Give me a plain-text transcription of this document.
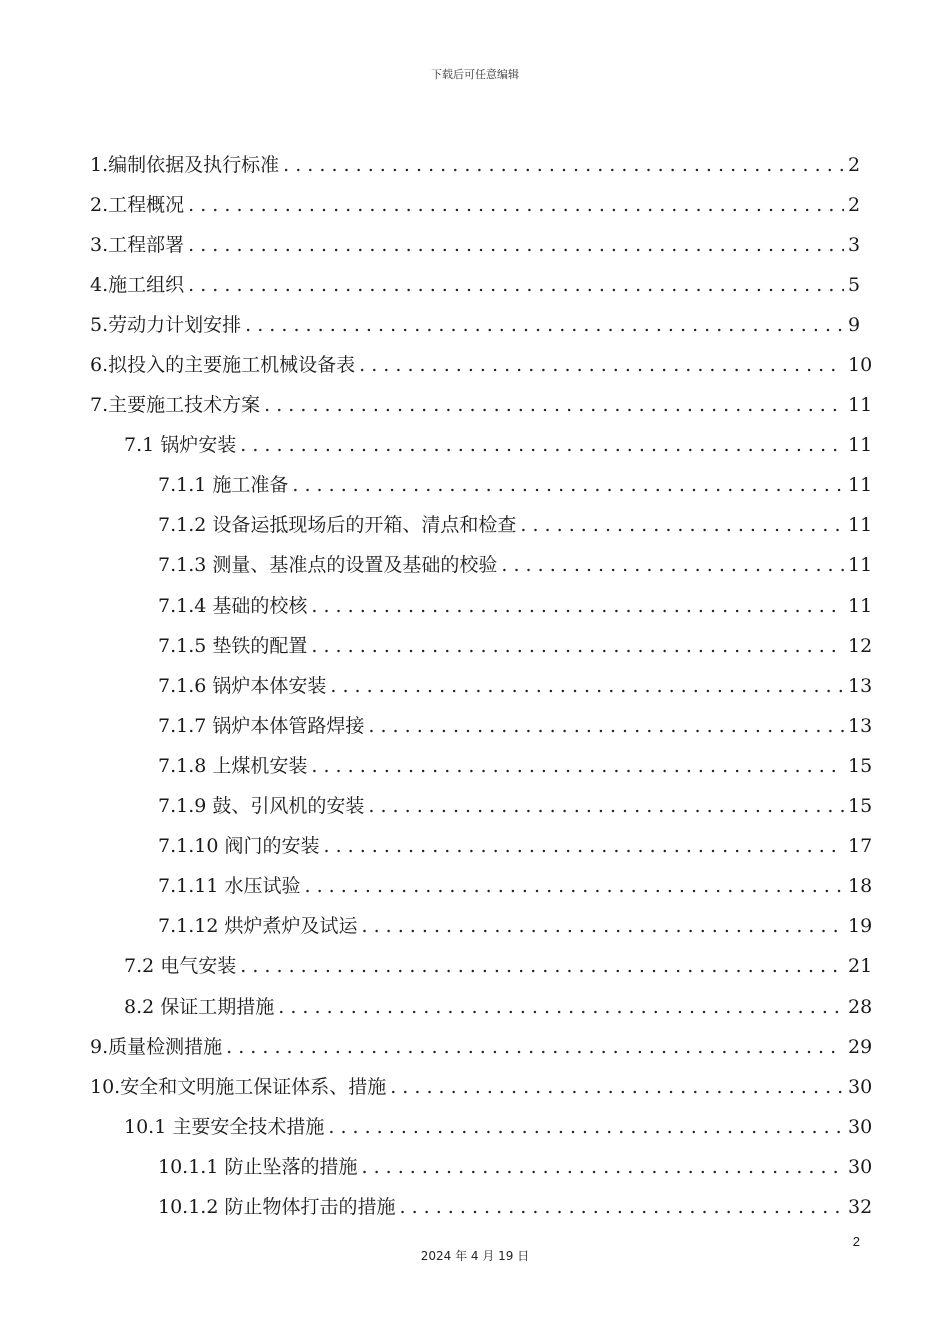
下载后可任意编辑
1.编制依据及执行标准 . . .	2
2.工程概况 . . .	2
3.工程部署 . . .	3
4.施工组织 . . .	5
5.劳动力计划安排 . . .	9
6.拟投入的主要施工机械设备表 . . .	10
7.主要施工技术方案 . . .	11
7.1 锅炉安装 . . .	11
7.1.1 施工准备 . . .	11
7.1.2 设备运抵现场后的开箱、清点和检查 . . .	11
7.1.3 测量、基准点的设置及基础的校验 . . .	11
7.1.4 基础的校核 . . .	11
7.1.5 垫铁的配置 . . .	12
7.1.6 锅炉本体安装 . . .	13
7.1.7 锅炉本体管路焊接 . . .	13
7.1.8 上煤机安装 . . .	15
7.1.9 鼓、引风机的安装 . . .	15
7.1.10 阀门的安装 . . .	17
7.1.11 水压试验 . . .	18
7.1.12 烘炉煮炉及试运 . . .	19
7.2 电气安装 . . .	21
8.2 保证工期措施 . . .	28
9.质量检测措施 . . .	29
10.安全和文明施工保证体系、措施 . . .	30
10.1 主要安全技术措施 . . .	30
10.1.1 防止坠落的措施 . . .	30
10.1.2 防止物体打击的措施 . . .	32
2
2024 年 4 月 19 日
